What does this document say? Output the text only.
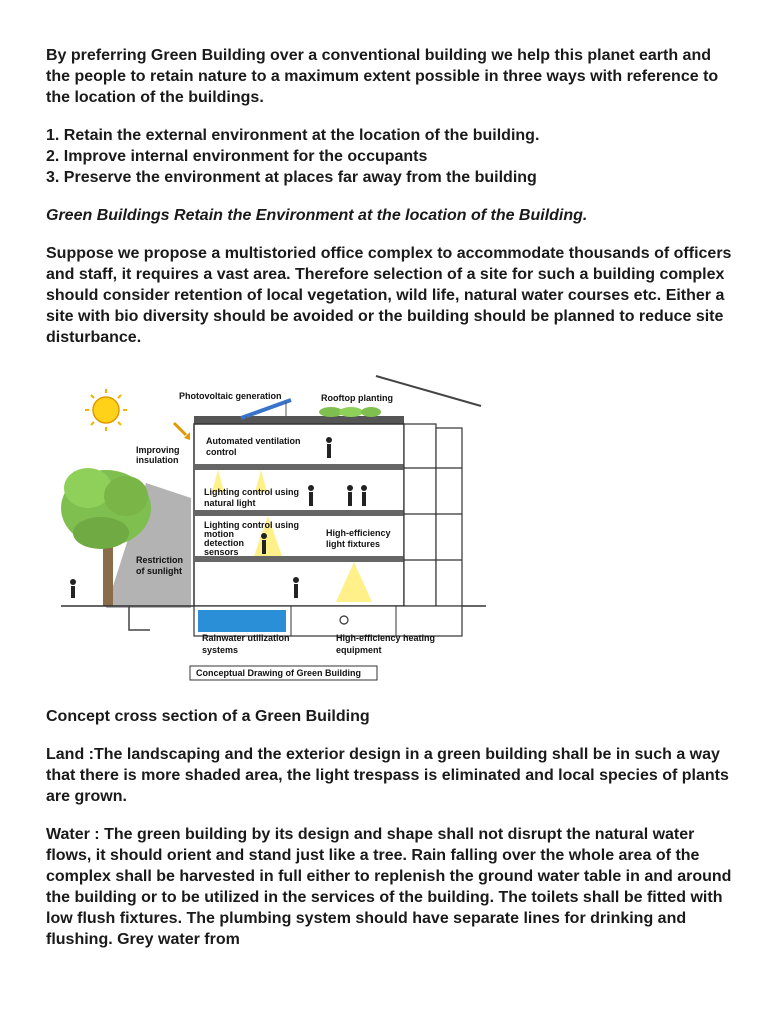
By preferring Green Building over a conventional building we help this planet earth and the people to retain nature to a maximum extent possible in three ways with reference to the location of the buildings.

1. Retain the external environment at the location of the building.

2. Improve internal environment for the occupants

3. Preserve the environment at places far away from the building

Green Buildings Retain the Environment at the location of the Building.

Suppose we propose a multistoried office complex to accommodate thousands of officers and staff, it requires a vast area. Therefore selection of a site for such a building complex should consider retention of local vegetation, wild life, natural water courses etc. Either a site with bio diversity should be avoided or the building should be planned to reduce site disturbance.

Photovoltaic generation	Rooftop planting
Improving
insulation
Automated ventilation
control
Lighting control using
natural light
Lighting control using
motion
detection
sensors
High-efficiency
light fixtures
Restriction
of sunlight
Rainwater utilization
systems
High-efficiency heating
equipment
Conceptual Drawing of Green Building

Concept cross section of a Green Building

Land :The landscaping and the exterior design in a green building shall be in such a way that there is more shaded area, the light trespass is eliminated and local species of plants are grown.

Water : The green building by its design and shape shall not disrupt the natural water flows, it should orient and stand just like a tree. Rain falling over the whole area of the complex shall be harvested in full either to replenish the ground water table in and around the building or to be utilized in the services of the building. The toilets shall be fitted with low flush fixtures. The plumbing system should have separate lines for drinking and flushing. Grey water from
